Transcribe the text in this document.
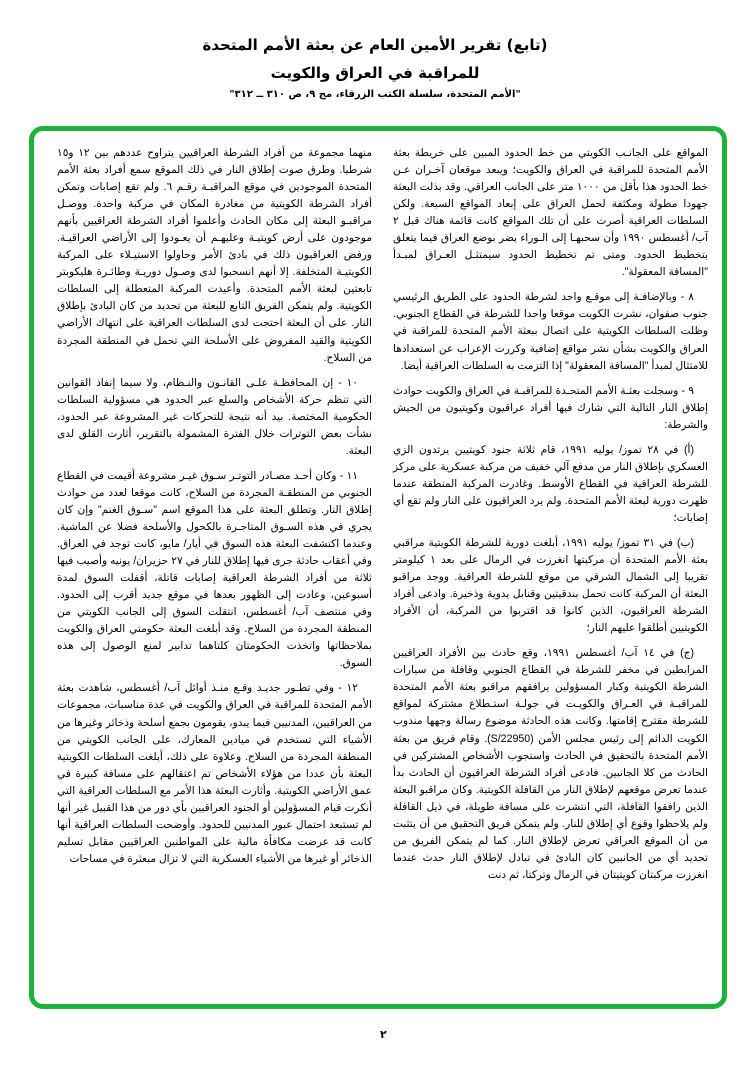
(تابع) تقرير الأمين العام عن بعثة الأمم المتحدة
للمراقبة في العراق والكويت
"الأمم المتحدة، سلسلة الكتب الزرقاء، مج ٩، ص ٣١٠ ــ ٣١٢"

المواقع على الجانـب الكويتي من خط الحدود المبين على خريطة بعثة الأمم المتحدة للمراقبة في العراق والكويت؛ ويبعد موقعان آخـران عـن خط الحدود هذا بأقل من ١٠٠٠ متر على الجانب العراقي. وقد بذلت البعثة جهودا مطولة ومكثفة لحمل العراق على إبعاد المواقع السبعة. ولكن السلطات العراقية أصرت على أن تلك المواقع كانت قائمة هناك قبل ٢ آب/ أغسطس ١٩٩٠ وأن سحبهـا إلى الـوراء يضر بوضع العراق فيما يتعلق بتخطيط الحدود. ومتى تم تخطيط الحدود سيمتثـل العـراق لمبـدأ "المسافة المعقولة".

٨ - وبالإضافـة إلى موقـع واحد لشرطة الحدود على الطريق الرئيسي جنوب صفوان، نشرت الكويت موقعا واحدا للشرطة في القطاع الجنوبي. وظلت السلطات الكويتية على اتصال ببعثة الأمم المتحدة للمراقبة في العراق والكويت بشأن نشر مواقع إضافية وكررت الإعراب عن استعدادها للامتثال لمبدأ "المسافة المعقولة" إذا التزمت به السلطات العراقية أيضا.

٩ - وسجلت بعثـة الأمم المتحـدة للمراقبـة في العراق والكويت حوادث إطلاق النار التالية التي شارك فيها أفراد عراقيون وكويتيون من الجيش والشرطة:

(أ) في ٢٨ تموز/ يوليه ١٩٩١، قام ثلاثة جنود كويتيين يرتدون الزي العسكري بإطلاق النار من مدفع آلي خفيف من مركبة عسكرية على مركز للشرطة العراقية في القطاع الأوسط. وغادرت المركبة المنطقة عندما ظهرت دورية لبعثة الأمم المتحدة. ولم يرد العراقيون على النار ولم تقع أي إصابات؛

(ب) في ٣١ تموز/ يوليه ١٩٩١، أبلغت دورية للشرطة الكويتية مراقبي بعثة الأمم المتحدة أن مركبتها انغرزت في الرمال على بعد ١ كيلومتر تقريبا إلى الشمال الشرقي من موقع للشرطة العراقية. ووجد مراقبو البعثة أن المركبة كانت تحمل بندقيتين وقنابل يدوية وذخيرة. وادعى أفراد الشرطة العراقيون، الذين كانوا قد اقتربوا من المركبة، أن الأفراد الكويتيين أطلقوا عليهم النار؛

(ج) في ١٤ آب/ أغسطس ١٩٩١، وقع حادث بين الأفراد العراقيين المرابطين في مخفر للشرطة في القطاع الجنوبي وقافلة من سيارات الشرطة الكويتية وكبار المسؤولين يرافقهم مراقبو بعثة الأمم المتحدة للمراقبـة في العـراق والكويـت في جولـة استـطلاع مشتركة لمواقع للشرطة مقترح إقامتها. وكانت هذه الحادثة موضوع رسالة وجهها مندوب الكويت الدائم إلى رئيس مجلس الأمن (S/22950). وقام فريق من بعثة الأمم المتحدة بالتحقيق في الحادث واستجوب الأشخاص المشتركين في الحادث من كلا الجانبين. فادعى أفراد الشرطة العراقيون أن الحادث بدأ عندما تعرض موقعهم لإطلاق النار من القافلة الكويتية. وكان مراقبو البعثة الذين رافقوا القافلة، التي انتشرت على مسافة طويلة، في ذيل القافلة ولم يلاحظوا وقوع أي إطلاق للنار. ولم يتمكن فريق التحقيق من أن يتثبت من أن الموقع العراقي تعرض لإطلاق النار. كما لم يتمكن الفريق من تحديد أي من الجانبين كان البادئ في تبادل لإطلاق النار حدث عندما انغرزت مركبتان كويتيتان في الرمال وتركتا، ثم دنت

منهما مجموعة من أفراد الشرطة العراقيين يتراوح عددهم بين ١٢ و١٥ شرطيا. وطرق صوت إطلاق النار في ذلك الموقع سمع أفراد بعثة الأمم المتحدة الموجودين في موقع المراقبـة رقـم ٦. ولم تقع إصابات وتمكن أفراد الشرطة الكويتية من مغادرة المكان في مركبة واحدة. ووصـل مراقبـو البعثة إلى مكان الحادث وأعلموا أفراد الشرطة العراقيين بأنهم موجودون على أرض كويتيـة وعليهـم أن يعـودوا إلى الأراضي العراقيـة. ورفض العراقيون ذلك في بادئ الأمر وحاولوا الاستيـلاء على المركبة الكويتيـة المتخلفة. إلا أنهم انسحبوا لدى وصـول دوريـة وطائـرة هليكوبتر تابعتين لبعثة الأمم المتحدة. وأعيدت المركبة المتعطلة إلى السلطات الكويتية. ولم يتمكن الفريق التابع للبعثة من تحديد من كان البادئ بإطلاق النار. على أن البعثة احتجت لدى السلطات العراقية على انتهاك الأراضي الكويتية والقيد المفروض على الأسلحة التي تحمل في المنطقة المجردة من السلاح.

١٠ - إن المحافظـة علـى القانـون والنـظام، ولا سيما إنفاذ القوانين التي تنظم حركة الأشخاص والسلع عبر الحدود هي مسؤولية السلطات الحكومية المختصة. بيد أنه نتيجة للتحركات غير المشروعة عبر الحدود، نشأت بعض التوترات خلال الفترة المشمولة بالتقرير، أثارت القلق لدى البعثة.

١١ - وكان أحـد مصـادر التوتـر سـوق غيـر مشروعة أقيمت في القطاع الجنوبي من المنطقـة المجردة من السلاح، كانت موقعا لعدد من حوادث إطلاق النار. وتطلق البعثة على هذا الموقع اسم "سـوق الغنم" وإن كان يجري في هذه السـوق المتاجـرة بالكحول والأسلحة فضلا عن الماشية. وعندما اكتشفت البعثة هذه السوق في أيار/ مايو، كانت توجد في العراق. وفي أعقاب حادثة جرى فيها إطلاق للنار في ٢٧ حزيران/ يونيه وأصيب فيها ثلاثة من أفراد الشرطة العراقية إصابات قاتلة، أقفلت السوق لمدة أسبوعين، وعادت إلى الظهور بعدها في موقع جديد أقرب إلى الحدود. وفي منتصف آب/ أغسطس، انتقلت السوق إلى الجانب الكويتي من المنطقة المجردة من السلاح. وقد أبلغت البعثة حكومتي العراق والكويت بملاحظاتها واتخذت الحكومتان كلتاهما تدابير لمنع الوصول إلى هذه السوق.

١٢ - وفي تطـور جديـد وقـع منـذ أوائل آب/ أغسطس، شاهدت بعثة الأمم المتحدة للمراقبة في العراق والكويت في عدة مناسبات، مجموعات من العراقيين، المدنيين فيما يبدو، يقومون بجمع أسلحة وذخائر وغيرها من الأشياء التي تستخدم في ميادين المعارك، على الجانب الكويتي من المنطقة المجردة من السلاح. وعلاوة على ذلك، أبلغت السلطات الكويتية البعثة بأن عددا من هؤلاء الأشخاص تم اعتقالهم على مسافة كبيرة في عمق الأراضي الكويتية. وأثارت البعثة هذا الأمر مع السلطات العراقية التي أنكرت قيام المسؤولين أو الجنود العراقيين بأي دور من هذا القبيل غير أنها لم تستبعد احتمال عبور المدنيين للحدود. وأوضحت السلطات العراقية أنها كانت قد عرضت مكافأة مالية على المواطنين العراقيين مقابل تسليم الذخائر أو غيرها من الأشياء العسكرية التي لا تزال مبعثرة في مساحات

٢
